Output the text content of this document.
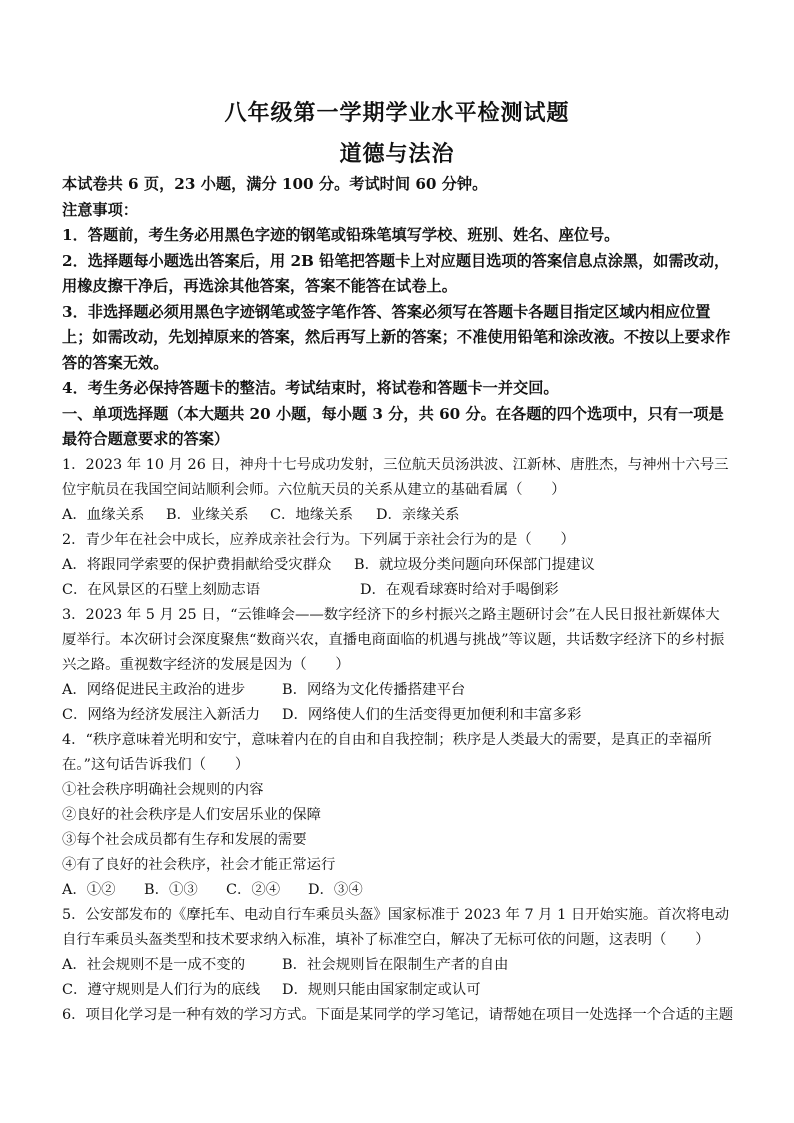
八年级第一学期学业水平检测试题
道德与法治
本试卷共 6 页，23 小题，满分 100 分。考试时间 60 分钟。
注意事项：
1．答题前，考生务必用黑色字迹的钢笔或铅珠笔填写学校、班别、姓名、座位号。
2．选择题每小题选出答案后，用 2B 铅笔把答题卡上对应题目选项的答案信息点涂黑，如需改动，用橡皮擦干净后，再选涂其他答案，答案不能答在试卷上。
3．非选择题必须用黑色字迹钢笔或签字笔作答、答案必须写在答题卡各题目指定区域内相应位置上；如需改动，先划掉原来的答案，然后再写上新的答案；不准使用铅笔和涂改液。不按以上要求作答的答案无效。
4．考生务必保持答题卡的整洁。考试结束时，将试卷和答题卡一并交回。
一、单项选择题（本大题共 20 小题，每小题 3 分，共 60 分。在各题的四个选项中，只有一项是最符合题意要求的答案）
1．2023 年 10 月 26 日，神舟十七号成功发射，三位航天员汤洪波、江新林、唐胜杰，与神州十六号三位宇航员在我国空间站顺利会师。六位航天员的关系从建立的基础看属（　　）
A．血缘关系 B．业缘关系 C．地缘关系 D．亲缘关系
2．青少年在社会中成长，应养成亲社会行为。下列属于亲社会行为的是（　　）
A．将跟同学索要的保护费捐献给受灾群众 B．就垃圾分类问题向环保部门提建议
C．在风景区的石壁上刻励志语	D．在观看球赛时给对手喝倒彩
3．2023 年 5 月 25 日，“云锥峰会——数字经济下的乡村振兴之路主题研讨会”在人民日报社新媒体大厦举行。本次研讨会深度聚焦“数商兴农，直播电商面临的机遇与挑战”等议题，共话数字经济下的乡村振兴之路。重视数字经济的发展是因为（　　）
A．网络促进民主政治的进步	B．网络为文化传播搭建平台
C．网络为经济发展注入新活力 D．网络使人们的生活变得更加便利和丰富多彩
4．“秩序意味着光明和安宁，意味着内在的自由和自我控制；秩序是人类最大的需要，是真正的幸福所在。”这句话告诉我们（　　）
①社会秩序明确社会规则的内容
②良好的社会秩序是人们安居乐业的保障
③每个社会成员都有生存和发展的需要
④有了良好的社会秩序，社会才能正常运行
A．①② B．①③ C．②④ D．③④
5．公安部发布的《摩托车、电动自行车乘员头盔》国家标准于 2023 年 7 月 1 日开始实施。首次将电动自行车乘员头盔类型和技术要求纳入标准，填补了标准空白，解决了无标可依的问题，这表明（　　）
A．社会规则不是一成不变的	B．社会规则旨在限制生产者的自由
C．遵守规则是人们行为的底线 D．规则只能由国家制定或认可
6．项目化学习是一种有效的学习方式。下面是某同学的学习笔记，请帮她在项目一处选择一个合适的主题
